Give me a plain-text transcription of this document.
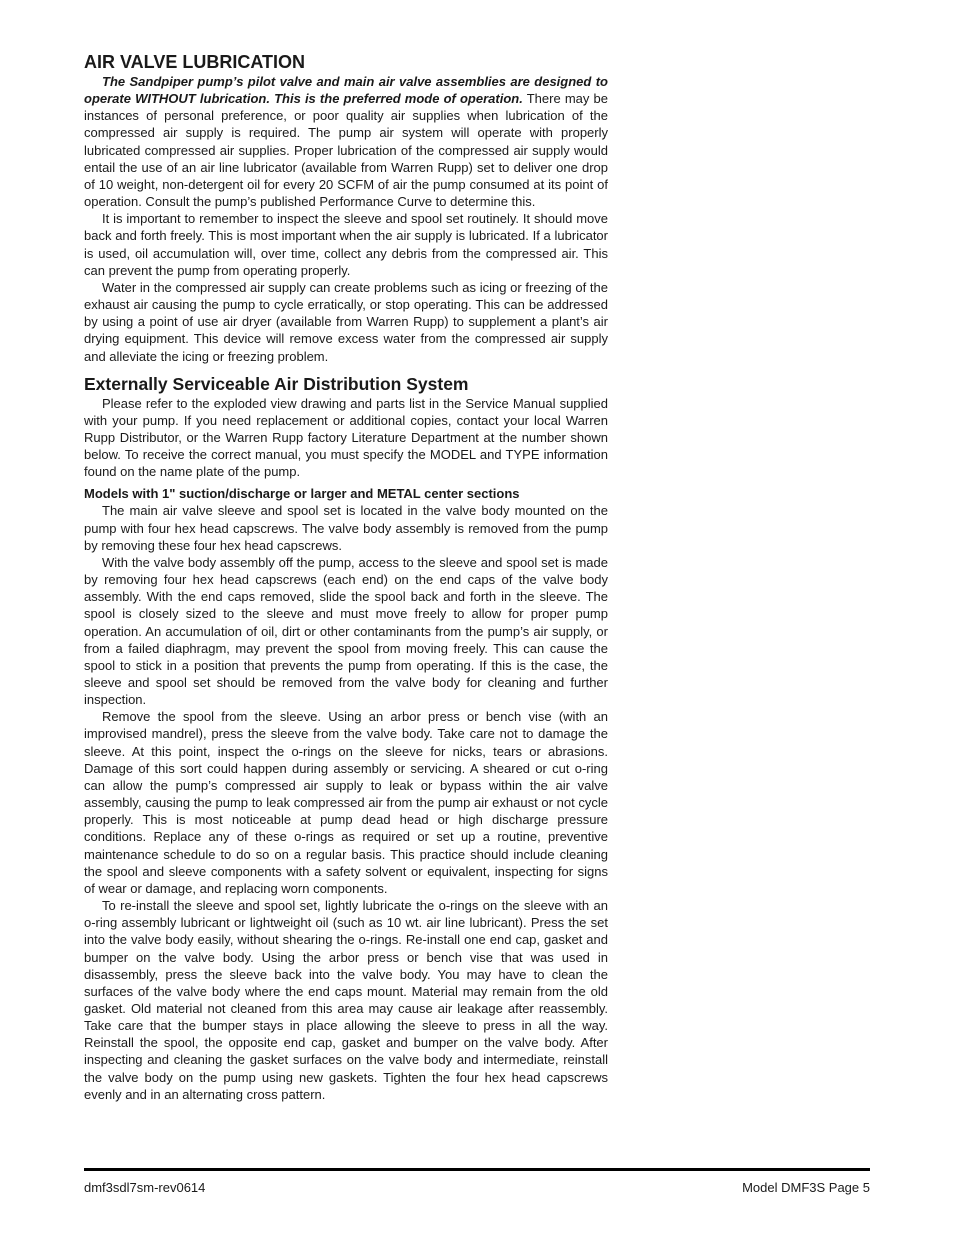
AIR VALVE LUBRICATION

The Sandpiper pump’s pilot valve and main air valve assemblies are designed to operate WITHOUT lubrication. This is the preferred mode of operation. There may be instances of personal preference, or poor quality air supplies when lubrication of the compressed air supply is required. The pump air system will operate with properly lubricated compressed air supplies. Proper lubrication of the compressed air supply would entail the use of an air line lubricator (available from Warren Rupp) set to deliver one drop of 10 weight, non-detergent oil for every 20 SCFM of air the pump consumed at its point of operation. Consult the pump’s published Performance Curve to determine this.

It is important to remember to inspect the sleeve and spool set routinely. It should move back and forth freely. This is most important when the air supply is lubricated. If a lubricator is used, oil accumulation will, over time, collect any debris from the compressed air. This can prevent the pump from operating properly.

Water in the compressed air supply can create problems such as icing or freezing of the exhaust air causing the pump to cycle erratically, or stop operating. This can be addressed by using a point of use air dryer (available from Warren Rupp) to supplement a plant’s air drying equipment. This device will remove excess water from the compressed air supply and alleviate the icing or freezing problem.

Externally Serviceable Air Distribution System

Please refer to the exploded view drawing and parts list in the Service Manual supplied with your pump. If you need replacement or additional copies, contact your local Warren Rupp Distributor, or the Warren Rupp factory Literature Department at the number shown below. To receive the correct manual, you must specify the MODEL and TYPE information found on the name plate of the pump.

Models with 1" suction/discharge or larger and METAL center sections

The main air valve sleeve and spool set is located in the valve body mounted on the pump with four hex head capscrews. The valve body assembly is removed from the pump by removing these four hex head capscrews.

With the valve body assembly off the pump, access to the sleeve and spool set is made by removing four hex head capscrews (each end) on the end caps of the valve body assembly. With the end caps removed, slide the spool back and forth in the sleeve. The spool is closely sized to the sleeve and must move freely to allow for proper pump operation. An accumulation of oil, dirt or other contaminants from the pump’s air supply, or from a failed diaphragm, may prevent the spool from moving freely. This can cause the spool to stick in a position that prevents the pump from operating. If this is the case, the sleeve and spool set should be removed from the valve body for cleaning and further inspection.

Remove the spool from the sleeve. Using an arbor press or bench vise (with an improvised mandrel), press the sleeve from the valve body. Take care not to damage the sleeve. At this point, inspect the o-rings on the sleeve for nicks, tears or abrasions. Damage of this sort could happen during assembly or servicing. A sheared or cut o-ring can allow the pump’s compressed air supply to leak or bypass within the air valve assembly, causing the pump to leak compressed air from the pump air exhaust or not cycle properly. This is most noticeable at pump dead head or high discharge pressure conditions. Replace any of these o-rings as required or set up a routine, preventive maintenance schedule to do so on a regular basis. This practice should include cleaning the spool and sleeve components with a safety solvent or equivalent, inspecting for signs of wear or damage, and replacing worn components.

To re-install the sleeve and spool set, lightly lubricate the o-rings on the sleeve with an o-ring assembly lubricant or lightweight oil (such as 10 wt. air line lubricant). Press the set into the valve body easily, without shearing the o-rings. Re-install one end cap, gasket and bumper on the valve body. Using the arbor press or bench vise that was used in disassembly, press the sleeve back into the valve body. You may have to clean the surfaces of the valve body where the end caps mount. Material may remain from the old gasket. Old material not cleaned from this area may cause air leakage after reassembly. Take care that the bumper stays in place allowing the sleeve to press in all the way. Reinstall the spool, the opposite end cap, gasket and bumper on the valve body. After inspecting and cleaning the gasket surfaces on the valve body and intermediate, reinstall the valve body on the pump using new gaskets. Tighten the four hex head capscrews evenly and in an alternating cross pattern.

dmf3sdl7sm-rev0614	Model DMF3S Page 5
